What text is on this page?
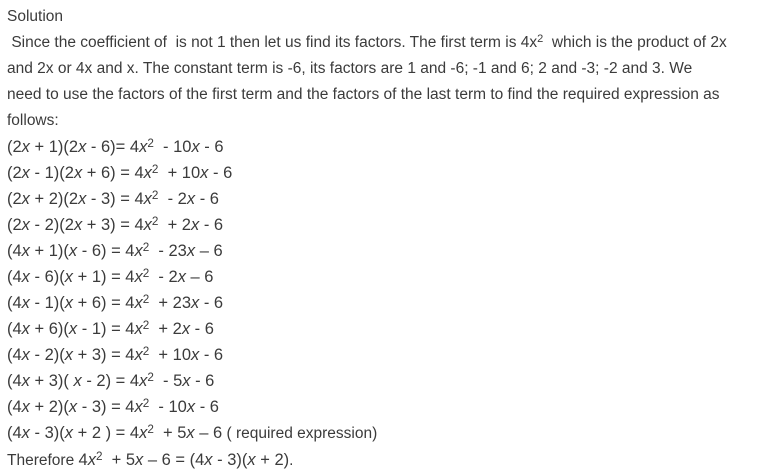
Solution
Since the coefficient of  is not 1 then let us find its factors. The first term is $4x^2$  which is the product of 2x
and 2x or 4x and x. The constant term is -6, its factors are 1 and -6; -1 and 6; 2 and -3; -2 and 3. We
need to use the factors of the first term and the factors of the last term to find the required expression as
follows:
$(2x + 1)(2x - 6)= 4x^2 - 10x - 6$
$(2x - 1)(2x + 6) = 4x^2 + 10x - 6$
$(2x + 2)(2x - 3) = 4x^2 - 2x - 6$
$(2x - 2)(2x + 3) = 4x^2 + 2x - 6$
$(4x + 1)(x - 6) = 4x^2 - 23x - 6$
$(4x - 6)(x + 1) = 4x^2 - 2x - 6$
$(4x - 1)(x + 6) = 4x^2 + 23x - 6$
$(4x + 6)(x - 1) = 4x^2 + 2x - 6$
$(4x - 2)(x + 3) = 4x^2 + 10x - 6$
(4x + 3)( $x - 2) = 4x^2 - 5x - 6$
$(4x + 2)(x - 3) = 4x^2 - 10x - 6$
(4x - 3)(x + 2 ) = $4x^2 + 5x - 6$ ( required expression)
Therefore $4x^2 + 5x - 6 = (4x - 3)(x + 2)$.
